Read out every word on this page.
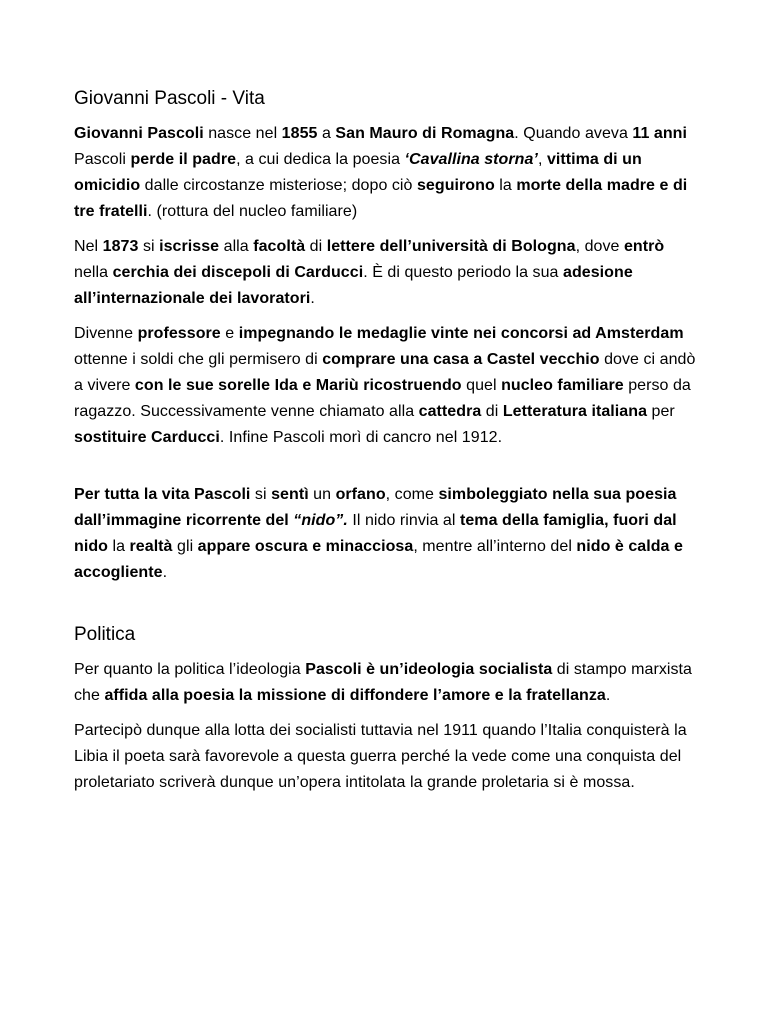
Giovanni Pascoli - Vita

Giovanni Pascoli nasce nel 1855 a San Mauro di Romagna. Quando aveva 11 anni Pascoli perde il padre, a cui dedica la poesia ‘Cavallina storna’, vittima di un omicidio dalle circostanze misteriose; dopo ciò seguirono la morte della madre e di tre fratelli. (rottura del nucleo familiare)

Nel 1873 si iscrisse alla facoltà di lettere dell’università di Bologna, dove entrò nella cerchia dei discepoli di Carducci. È di questo periodo la sua adesione all’internazionale dei lavoratori.

Divenne professore e impegnando le medaglie vinte nei concorsi ad Amsterdam ottenne i soldi che gli permisero di comprare una casa a Castel vecchio dove ci andò a vivere con le sue sorelle Ida e Mariù ricostruendo quel nucleo familiare perso da ragazzo. Successivamente venne chiamato alla cattedra di Letteratura italiana per sostituire Carducci. Infine Pascoli morì di cancro nel 1912.

Per tutta la vita Pascoli si sentì un orfano, come simboleggiato nella sua poesia dall’immagine ricorrente del “nido”. Il nido rinvia al tema della famiglia, fuori dal nido la realtà gli appare oscura e minacciosa, mentre all’interno del nido è calda e accogliente.

Politica

Per quanto la politica l’ideologia Pascoli è un’ideologia socialista di stampo marxista che affida alla poesia la missione di diffondere l’amore e la fratellanza.

Partecipò dunque alla lotta dei socialisti tuttavia nel 1911 quando l’Italia conquisterà la Libia il poeta sarà favorevole a questa guerra perché la vede come una conquista del proletariato scriverà dunque un’opera intitolata la grande proletaria si è mossa.
